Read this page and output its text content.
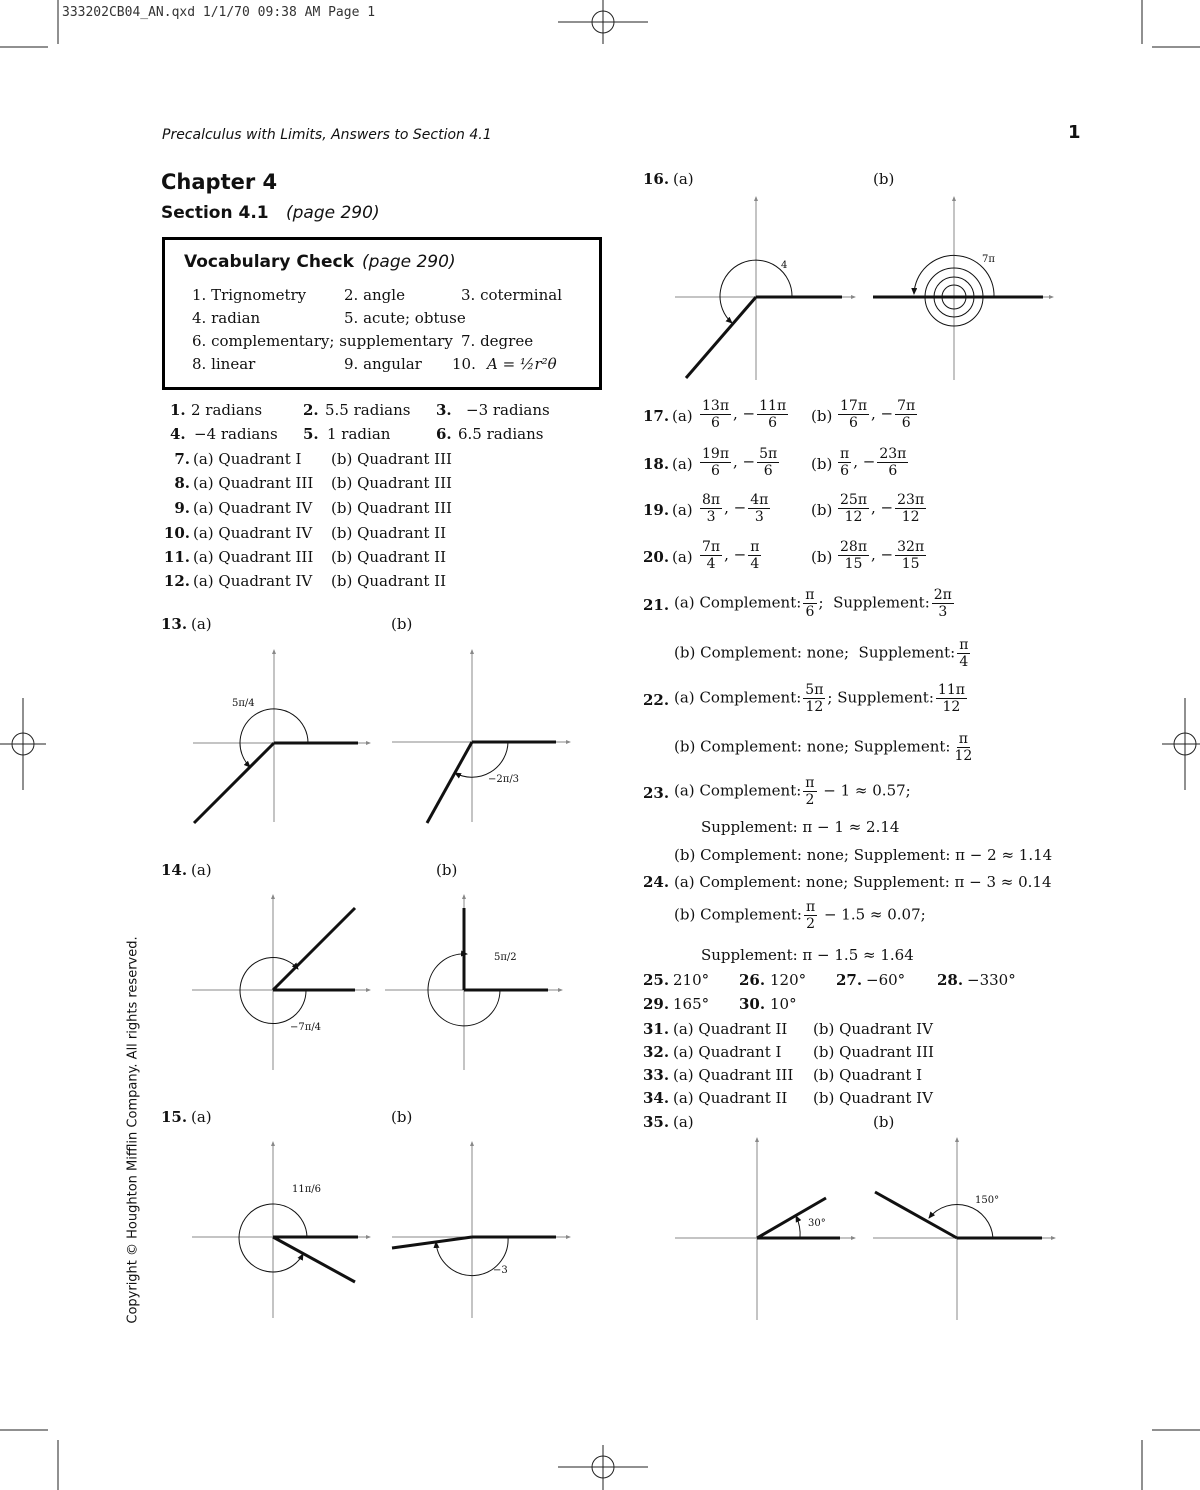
333202CB04_AN.qxd 1/1/70 09:38 AM Page 1
Precalculus with Limits, Answers to Section 4.1	1
Chapter 4
Section 4.1 (page 290)
Vocabulary Check (page 290)
1. Trignometry	2. angle	3. coterminal
4. radian	5. acute; obtuse
6. complementary; supplementary 7. degree
8. linear	9. angular 10. A = ½r²θ
1. 2 radians	2. 5.5 radians 3. −3 radians
4. −4 radians 5. 1 radian	6. 6.5 radians
7. (a) Quadrant I (b) Quadrant III
8. (a) Quadrant III (b) Quadrant III
9. (a) Quadrant IV (b) Quadrant III
10. (a) Quadrant IV (b) Quadrant II
11. (a) Quadrant III (b) Quadrant II
12. (a) Quadrant IV (b) Quadrant II
13. (a)	(b)
14. (a)	(b)
15. (a)	(b)
16. (a)	(b)
35. (a)	(b)
5π/4
−2π/3
−7π/4
5π/2
11π/6
−3
4
7π
30°
150°
17. $(a) \frac{13\pi}{6}$ , − $\frac{11\pi}{6} (b) \frac{17\pi}{6}$ , − $\frac{7\pi}{6}$
18. $(a) \frac{19\pi}{6}$ , − $\frac{5\pi}{6} (b) \frac{\pi}{6}$ , − $\frac{23\pi}{6}$
19. $(a) \frac{8\pi}{3}$ , − $\frac{4\pi}{3}$	$(b) \frac{25\pi}{12}$ , − $\frac{23\pi}{12}$
20. $(a) \frac{7\pi}{4}$ , − $\frac{\pi}{4}$	$(b) \frac{28\pi}{15}$ , − $\frac{32\pi}{15}$
21. (a) Complement: $\frac{\pi}{6}$ ;  Supplement: $\frac{2\pi}{3}$
(b) Complement: none; Supplement: $\frac{\pi}{4}$
22. (a) Complement: $\frac{5\pi}{12}$ ; Supplement: $\frac{11\pi}{12}$
(b) Complement: none; Supplement: $\frac{\pi}{12}$
23. (a) Complement: $\frac{\pi}{2} - 1 \approx 0.57$;
Supplement: π − 1 ≈ 2.14
(b) Complement: none; Supplement: π − 2 ≈ 1.14
24. (a) Complement: none; Supplement: π − 3 ≈ 0.14
(b) Complement: $\frac{\pi}{2} - 1.5 \approx 0.07$;
Supplement: π − 1.5 ≈ 1.64
25. 210° 26. 120° 27. −60° 28. −330°
29. 165° 30. 10°
31. (a) Quadrant II (b) Quadrant IV
32. (a) Quadrant I (b) Quadrant III
33. (a) Quadrant III (b) Quadrant I
34. (a) Quadrant II (b) Quadrant IV
Copyright © Houghton Mifflin Company. All rights reserved.
